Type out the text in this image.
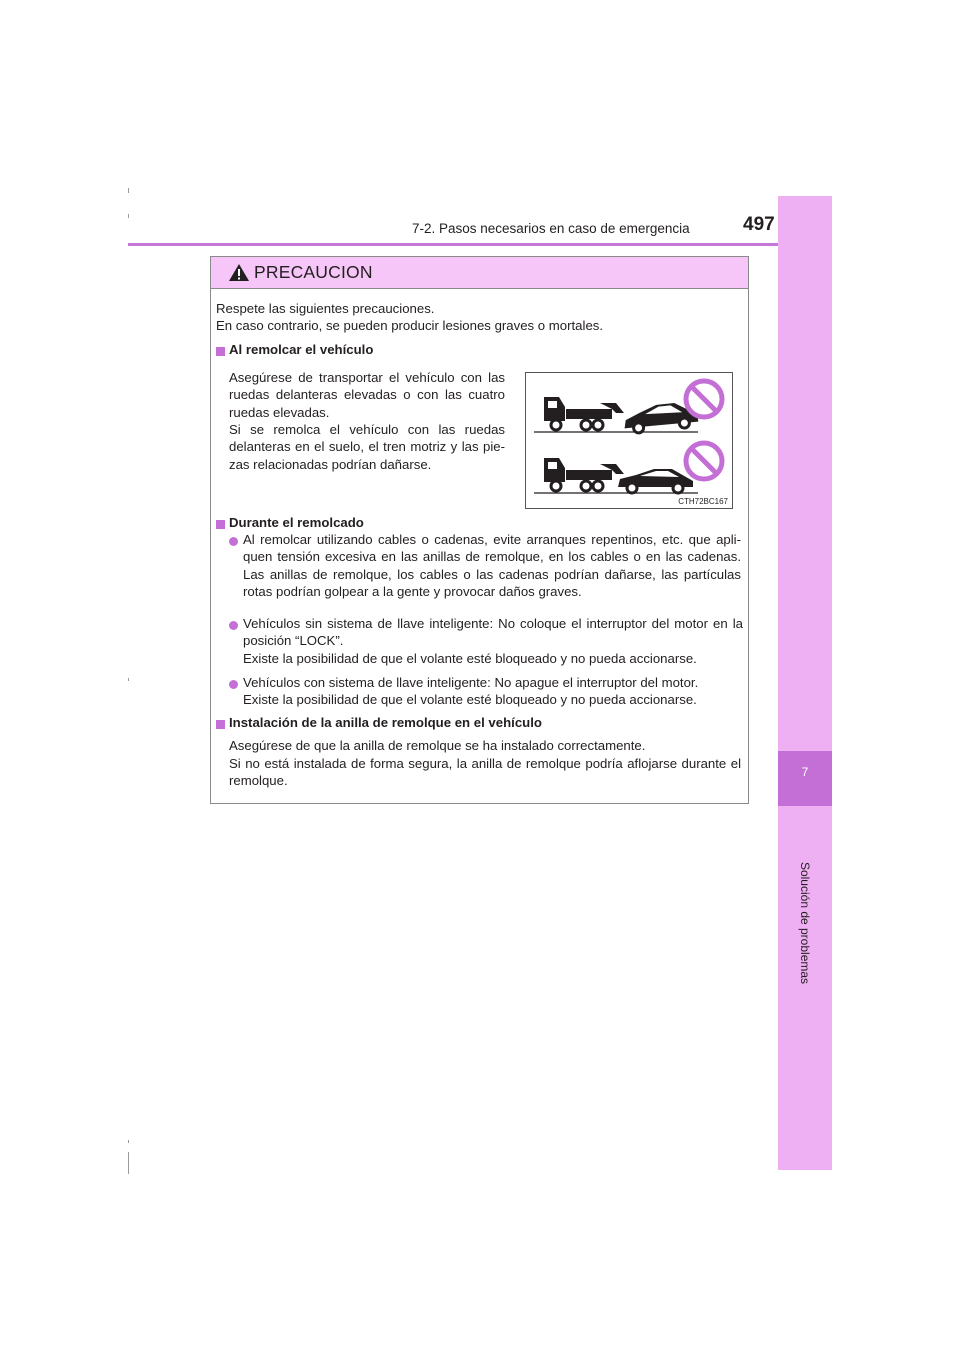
7-2. Pasos necesarios en caso de emergencia	497
7
Solución de problemas
PRECAUCION
Respete las siguientes precauciones.
En caso contrario, se pueden producir lesiones graves o mortales.
Al remolcar el vehículo
Asegúrese de transportar el vehículo con las ruedas delanteras elevadas o con las cuatro ruedas elevadas.
Si se remolca el vehículo con las ruedas delanteras en el suelo, el tren motriz y las pie-zas relacionadas podrían dañarse.
CTH72BC167
Durante el remolcado
Al remolcar utilizando cables o cadenas, evite arranques repentinos, etc. que apli-quen tensión excesiva en las anillas de remolque, en los cables o en las cadenas. Las anillas de remolque, los cables o las cadenas podrían dañarse, las partículas rotas podrían golpear a la gente y provocar daños graves.
Vehículos sin sistema de llave inteligente: No coloque el interruptor del motor en la posición “LOCK”.
Existe la posibilidad de que el volante esté bloqueado y no pueda accionarse.
Vehículos con sistema de llave inteligente: No apague el interruptor del motor.
Existe la posibilidad de que el volante esté bloqueado y no pueda accionarse.
Instalación de la anilla de remolque en el vehículo
Asegúrese de que la anilla de remolque se ha instalado correctamente.
Si no está instalada de forma segura, la anilla de remolque podría aflojarse durante el remolque.
